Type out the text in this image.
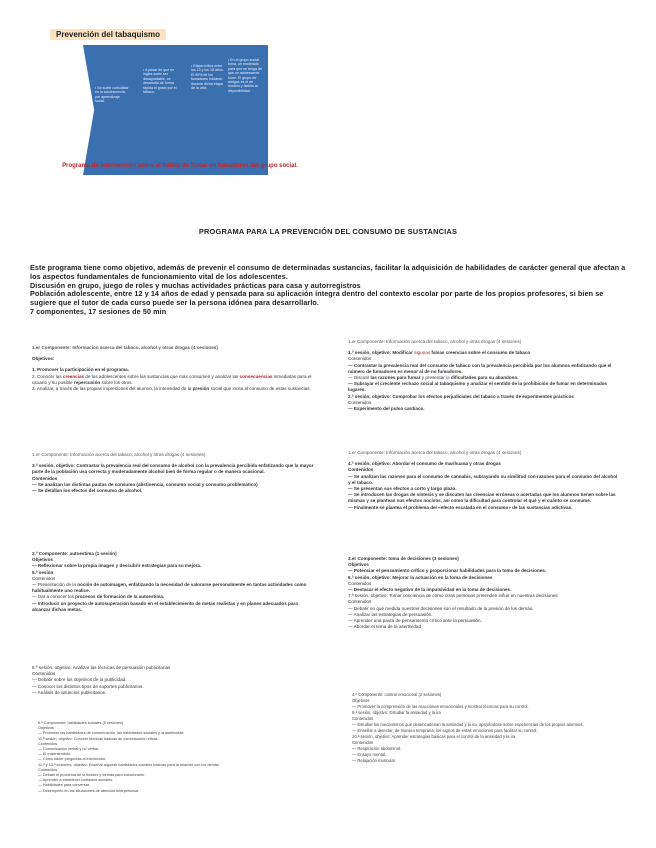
Prevención del tabaquismo
• Se suele consolidar en la adolescencia, por aprendizaje social.
• A pesar de que en ingles suele ser desagradable, se desarrolla de forma rápida el gusto por el tabaco.
• Etapa crítica entre los 13 y los 18 años. El 90% de los fumadores iniciaron durante dicha etapa de la vida.
• En el grupo social fuma, un modelado para que se tenga de que un adolescente fume. El grupo de amigos es el de modelo y facilita la disponibilidad.
Programa de intervención sobre el hábito de fumar en fumadores del grupo social.
PROGRAMA PARA LA PREVENCIÓN DEL CONSUMO DE SUSTANCIAS

Este programa tiene como objetivo, además de prevenir el consumo de determinadas sustancias, facilitar la adquisición de habilidades de carácter general que afectan a los aspectos fundamentales de funcionamiento vital de los adolescentes.

Discusión en grupo, juego de roles y muchas actividades prácticas para casa y autorregistros

Población adolescente, entre 12 y 14 años de edad y pensada para su aplicación íntegra dentro del contexto escolar por parte de los propios profesores, si bien se sugiere que el tutor de cada curso puede ser la persona idónea para desarrollarlo.

7 componentes, 17 sesiones de 50 min

1.er Componente: Información acerca del tabaco, alcohol y otras drogas (4 sesiones)

Objetivos:

1. Promover la participación en el programa.

2. Conocer las creencias de los adolescentes sobre las sustancias que más consumen y analizar las consecuencias inmediatas para el usuario y su posible repercusión sobre los otros.

3. Analizar, a través de las propias impresiones del alumno, la intensidad de la presión social que incita al consumo de estas sustancias.

1.er Componente: Información acerca del tabaco, alcohol y otras drogas (4 sesiones)

3.ª sesión, objetivo: Contrastar la prevalencia real del consumo de alcohol con la prevalencia percibida enfatizando que la mayor parte de la población usa correcta y moderadamente alcohol bien de forma regular o de manera ocasional.

Contenidos

— Se analizan las distintas pautas de consumo (abstinencia, consumo social y consumo problemático)

— Se detallan los efectos del consumo de alcohol.

2.º Componente: autoestima (1 sesión)

Objetivos

— Reflexionar sobre la propia imagen y descubrir estrategias para su mejora.

5.ª sesión

Contenidos

— Presentación de la noción de autoimagen, enfatizando la necesidad de valorarse personalmente en tantas actividades como habitualmente uno realice.

— Dar a conocer los procesos de formación de la autoestima.

— Introducir un proyecto de autosuperación basado en el establecimiento de metas realistas y en planes adecuados para alcanzar dichas metas.

8.ª sesión, objetivo: Analizar las técnicas de persuasión publicitarias

Contenidos

— Debatir sobre los objetivos de la publicidad.

— Conocer los distintos tipos de soportes publicitarios.

— Análisis de anuncios publicitarios.

5.º Componente: habilidades sociales (5 sesiones)

Objetivos

— Promover las habilidades de comunicación, las habilidades sociales y la asertividad.

11.ª sesión, objetivo: Conocer técnicas básicas de comunicación eficaz.

Contenidos

— Comunicación verbal y no verbal.

— El malentendido.

— Cómo hacer preguntas al interlocutor.

12.ª y 13.ª sesiones, objetivo: Enseñar algunas habilidades sociales básicas para la relación con los demás.

Contenidos

— Debatir el problema de la timidez y formas para solucionarlo.

— Aprender a establecer contactos sociales.

— Habilidades para conversar.

— Desempeño en las situaciones de atención interpersonal.

1.er Componente: Información acerca del tabaco, alcohol y otras drogas (4 sesiones)

1.ª sesión, objetivo: Modificar algunas falsas creencias sobre el consumo de tabaco

Contenidos

— Contrastar la prevalencia real del consumo de tabaco con la prevalencia percibida por los alumnos enfatizando que el número de fumadores es menor al de no fumadores.

— Discutir las razones para fumar y presentar la dificultades para su abandono.

— Subrayar el creciente rechazo social al tabaquismo y analizar el sentido de la prohibición de fumar en determinados lugares.

2.ª sesión, objetivo: Comprobar los efectos perjudiciales del tabaco a través de experimentos prácticos

Contenidos

— Experimento del pulso cardíaco.

1.er Componente: Información acerca del tabaco, alcohol y otras drogas (4 sesiones)

4.ª sesión, objetivo: Abordar el consumo de marihuana y otras drogas

Contenidos

— Se analizan las razones para el consumo de cannabis, subrayando su similitud con razones para el consumo del alcohol y el tabaco.

— Se presentan sus efectos a corto y largo plazo.

— Se introducen las drogas de síntesis y se discuten las creencias erróneas o acertadas que los alumnos tienen sobre las mismas y se plantean sus efectos nocivos, así como la dificultad para controlar el qué y el cuánto se consume.

— Finalmente se plantea el problema del «efecto escalada en el consumo» de las sustancias adictivas.

3.er Componente: toma de decisiones (3 sesiones)

Objetivos

— Potenciar el pensamiento crítico y proporcionar habilidades para la toma de decisiones.

6.ª sesión, objetivo: Mejorar la actuación en la toma de decisiones

Contenidos

— Destacar el efecto negativo de la impulsividad en la toma de decisiones.

7.ª sesión, objetivo: Tomar conciencia de cómo otras personas pretenden influir en nuestras decisiones

Contenidos

— Debatir en qué medida nuestras decisiones son el resultado de la presión de los demás.

— Analizar las estrategias de persuasión.

— Aprender una pauta de pensamiento crítico ante la persuasión.

— Abordar el tema de la asertividad.

4.º Componente: control emocional (2 sesiones)

Objetivos

— Promover la comprensión de las reacciones emocionales y mostrar técnicas para su control.

9.ª sesión, objetivo: Estudiar la ansiedad y la ira

Contenidos

— Estudiar los mecanismos que desencadenan la ansiedad y la ira, apoyándose sobre experiencias de los propios alumnos.

— Enseñar a detectar, de manera temprana, los signos de estas emociones para facilitar su control.

10.ª sesión, objetivo: Aprender estrategias básicas para el control de la ansiedad y la ira

Contenidos

— Respiración abdominal.

— Ensayo mental.

— Relajación muscular.
